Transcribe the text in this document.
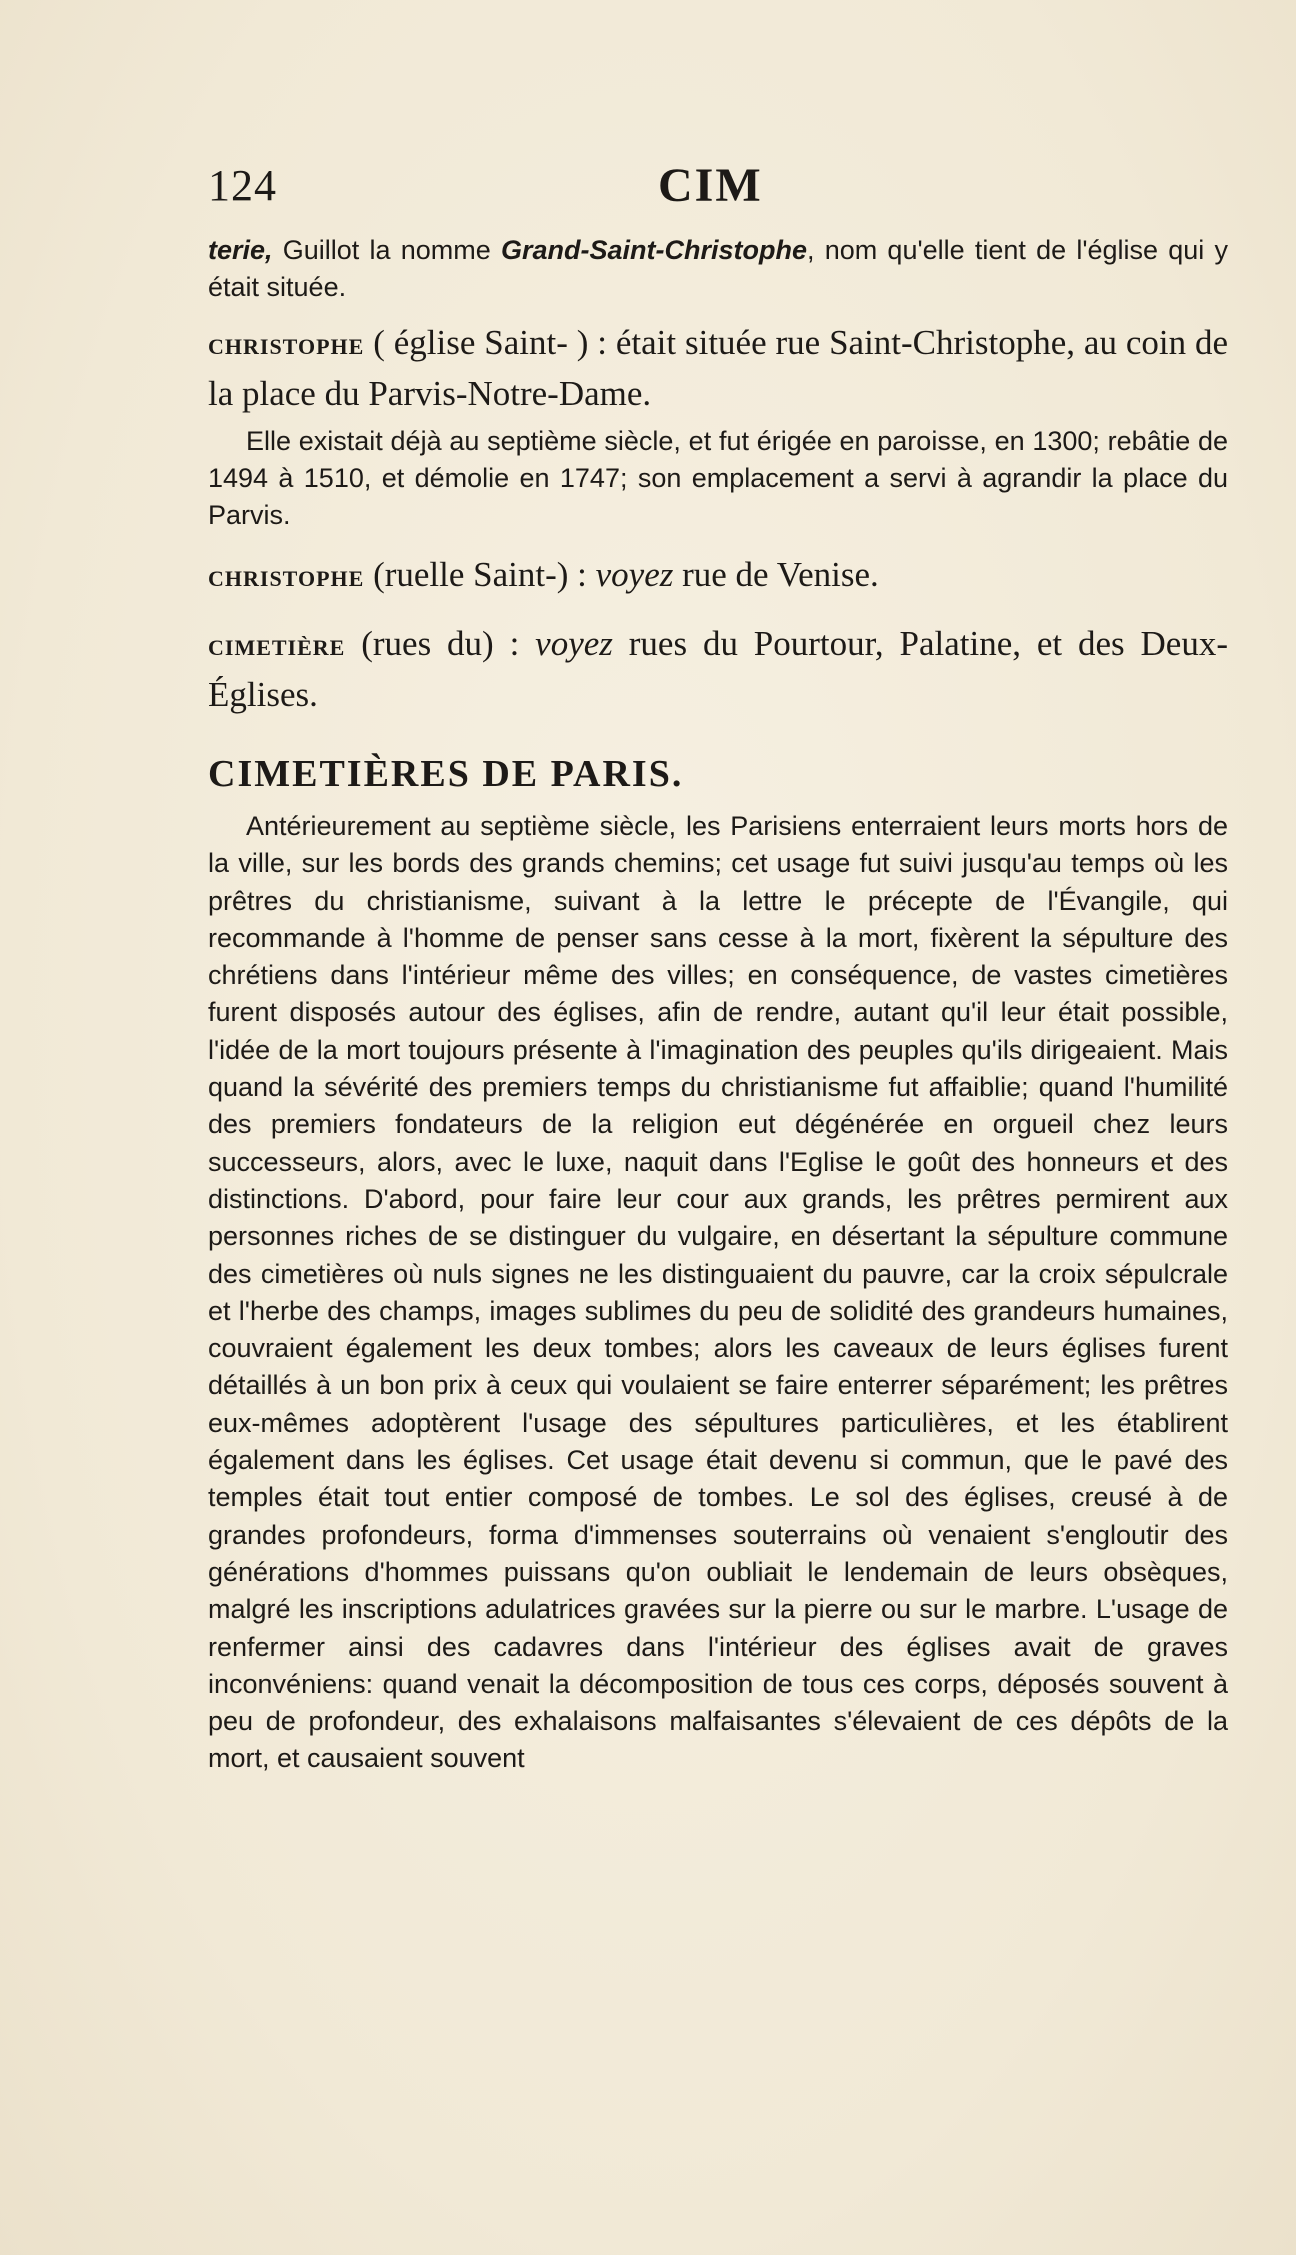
124	CIM

terie, Guillot la nomme Grand-Saint-Christophe, nom qu'elle tient de l'église qui y était située.

christophe ( église Saint- ) : était située rue Saint-Christophe, au coin de la place du Parvis-Notre-Dame.

Elle existait déjà au septième siècle, et fut érigée en paroisse, en 1300; rebâtie de 1494 à 1510, et démolie en 1747; son emplacement a servi à agrandir la place du Parvis.

christophe (ruelle Saint-) : voyez rue de Venise.

cimetière (rues du) : voyez rues du Pourtour, Palatine, et des Deux-Églises.

CIMETIÈRES DE PARIS.

Antérieurement au septième siècle, les Parisiens enterraient leurs morts hors de la ville, sur les bords des grands chemins; cet usage fut suivi jusqu'au temps où les prêtres du christianisme, suivant à la lettre le précepte de l'Évangile, qui recommande à l'homme de penser sans cesse à la mort, fixèrent la sépulture des chrétiens dans l'intérieur même des villes; en conséquence, de vastes cimetières furent disposés autour des églises, afin de rendre, autant qu'il leur était possible, l'idée de la mort toujours présente à l'imagination des peuples qu'ils dirigeaient. Mais quand la sévérité des premiers temps du christianisme fut affaiblie; quand l'humilité des premiers fondateurs de la religion eut dégénérée en orgueil chez leurs successeurs, alors, avec le luxe, naquit dans l'Eglise le goût des honneurs et des distinctions. D'abord, pour faire leur cour aux grands, les prêtres permirent aux personnes riches de se distinguer du vulgaire, en désertant la sépulture commune des cimetières où nuls signes ne les distinguaient du pauvre, car la croix sépulcrale et l'herbe des champs, images sublimes du peu de solidité des grandeurs humaines, couvraient également les deux tombes; alors les caveaux de leurs églises furent détaillés à un bon prix à ceux qui voulaient se faire enterrer séparément; les prêtres eux-mêmes adoptèrent l'usage des sépultures particulières, et les établirent également dans les églises. Cet usage était devenu si commun, que le pavé des temples était tout entier composé de tombes. Le sol des églises, creusé à de grandes profondeurs, forma d'immenses souterrains où venaient s'engloutir des générations d'hommes puissans qu'on oubliait le lendemain de leurs obsèques, malgré les inscriptions adulatrices gravées sur la pierre ou sur le marbre. L'usage de renfermer ainsi des cadavres dans l'intérieur des églises avait de graves inconvéniens: quand venait la décomposition de tous ces corps, déposés souvent à peu de profondeur, des exhalaisons malfaisantes s'élevaient de ces dépôts de la mort, et causaient souvent
